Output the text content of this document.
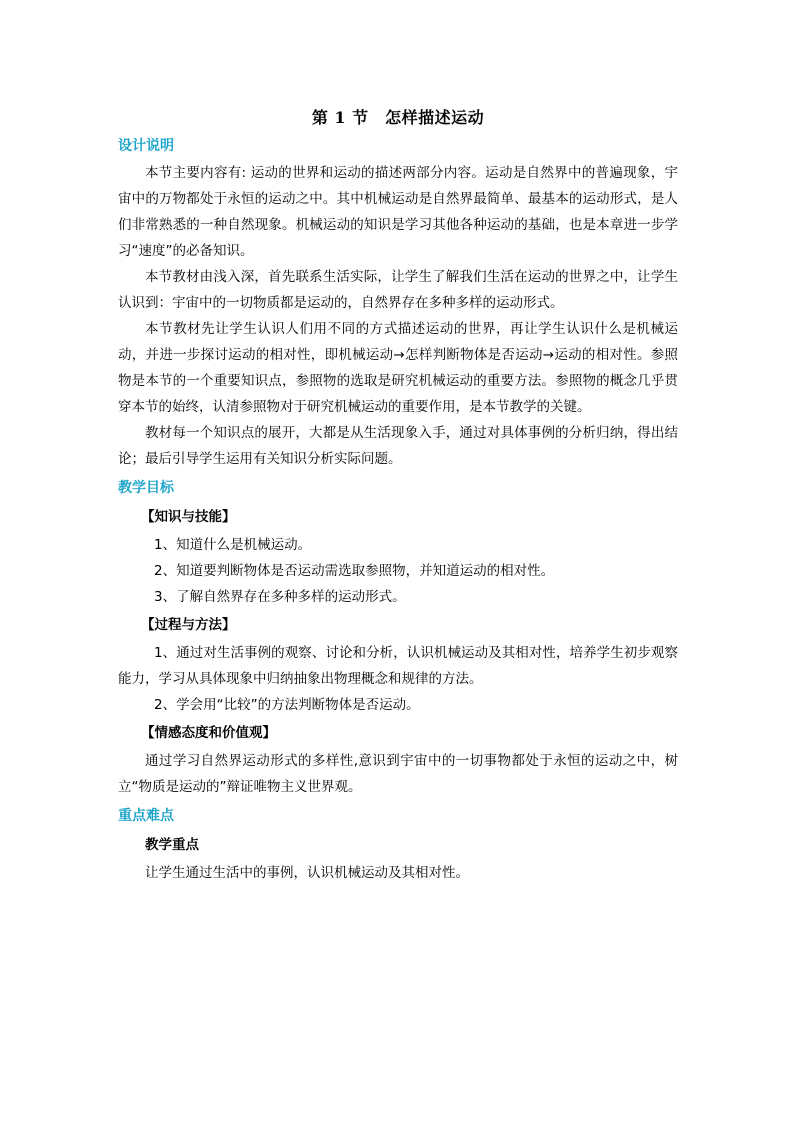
第 1 节　怎样描述运动
设计说明

本节主要内容有: 运动的世界和运动的描述两部分内容。运动是自然界中的普遍现象，宇宙中的万物都处于永恒的运动之中。其中机械运动是自然界最简单、最基本的运动形式，是人们非常熟悉的一种自然现象。机械运动的知识是学习其他各种运动的基础，也是本章进一步学习“速度”的必备知识。

本节教材由浅入深，首先联系生活实际，让学生了解我们生活在运动的世界之中，让学生认识到：宇宙中的一切物质都是运动的，自然界存在多种多样的运动形式。

本节教材先让学生认识人们用不同的方式描述运动的世界，再让学生认识什么是机械运动，并进一步探讨运动的相对性，即机械运动→怎样判断物体是否运动→运动的相对性。参照物是本节的一个重要知识点，参照物的选取是研究机械运动的重要方法。参照物的概念几乎贯穿本节的始终，认清参照物对于研究机械运动的重要作用，是本节教学的关键。

教材每一个知识点的展开，大都是从生活现象入手，通过对具体事例的分析归纳，得出结论；最后引导学生运用有关知识分析实际问题。

教学目标
【知识与技能】

1、知道什么是机械运动。

2、知道要判断物体是否运动需选取参照物，并知道运动的相对性。

3、了解自然界存在多种多样的运动形式。

【过程与方法】

1、通过对生活事例的观察、讨论和分析，认识机械运动及其相对性，培养学生初步观察能力，学习从具体现象中归纳抽象出物理概念和规律的方法。

2、学会用“比较”的方法判断物体是否运动。

【情感态度和价值观】

通过学习自然界运动形式的多样性,意识到宇宙中的一切事物都处于永恒的运动之中，树立“物质是运动的”辩证唯物主义世界观。

重点难点
教学重点

让学生通过生活中的事例，认识机械运动及其相对性。
